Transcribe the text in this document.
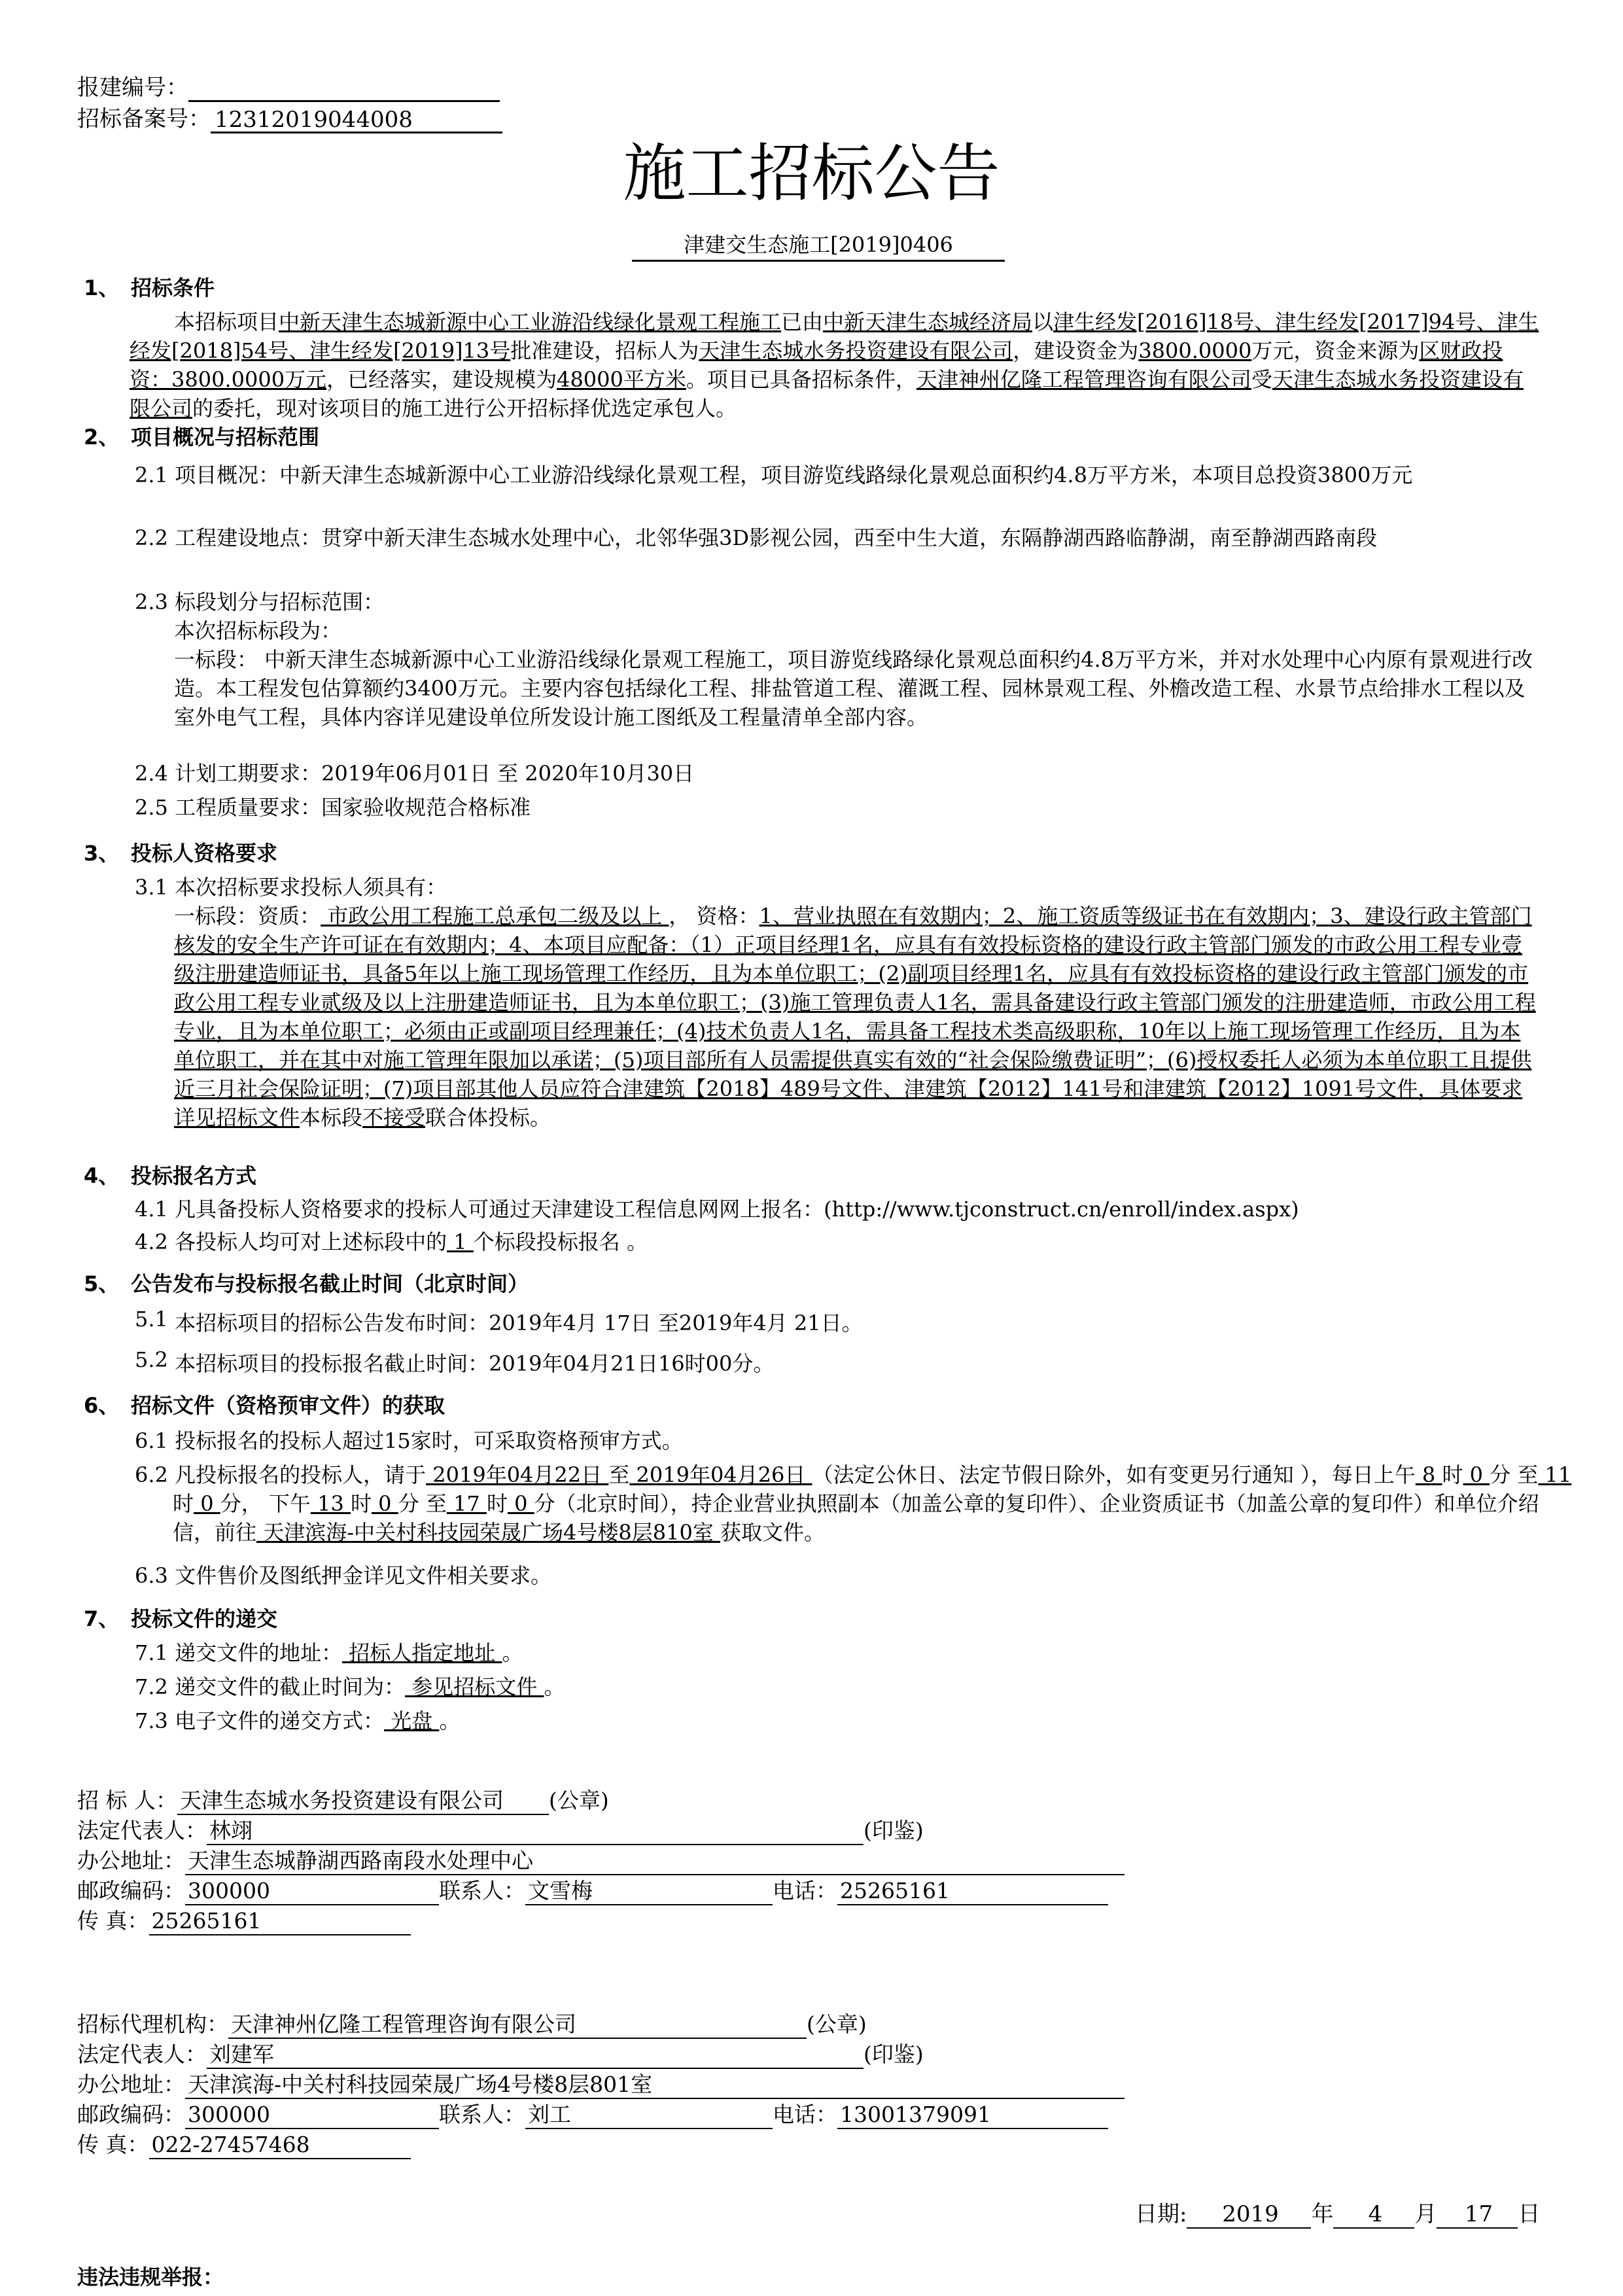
报建编号：
招标备案号： 12312019044008
施工招标公告
津建交生态施工[2019]0406
1、 招标条件
本招标项目中新天津生态城新源中心工业游沿线绿化景观工程施工已由中新天津生态城经济局以津生经发[2016]18号、津生经发[2017]94号、津生经发[2018]54号、津生经发[2019]13号批准建设，招标人为天津生态城水务投资建设有限公司，建设资金为3800.0000万元，资金来源为区财政投资：3800.0000万元，已经落实，建设规模为48000平方米。项目已具备招标条件，天津神州亿隆工程管理咨询有限公司受天津生态城水务投资建设有限公司的委托，现对该项目的施工进行公开招标择优选定承包人。
2、 项目概况与招标范围
2.1 项目概况：中新天津生态城新源中心工业游沿线绿化景观工程，项目游览线路绿化景观总面积约4.8万平方米，本项目总投资3800万元
2.2 工程建设地点：贯穿中新天津生态城水处理中心，北邻华强3D影视公园，西至中生大道，东隔静湖西路临静湖，南至静湖西路南段
2.3 标段划分与招标范围：
本次招标标段为：
一标段： 中新天津生态城新源中心工业游沿线绿化景观工程施工，项目游览线路绿化景观总面积约4.8万平方米，并对水处理中心内原有景观进行改造。本工程发包估算额约3400万元。主要内容包括绿化工程、排盐管道工程、灌溉工程、园林景观工程、外檐改造工程、水景节点给排水工程以及室外电气工程，具体内容详见建设单位所发设计施工图纸及工程量清单全部内容。
2.4 计划工期要求：2019年06月01日 至 2020年10月30日
2.5 工程质量要求：国家验收规范合格标准
3、 投标人资格要求
3.1 本次招标要求投标人须具有：
一标段：资质： 市政公用工程施工总承包二级及以上 ， 资格：1、营业执照在有效期内；2、施工资质等级证书在有效期内；3、建设行政主管部门核发的安全生产许可证在有效期内；4、本项目应配备：（1）正项目经理1名，应具有有效投标资格的建设行政主管部门颁发的市政公用工程专业壹级注册建造师证书，具备5年以上施工现场管理工作经历，且为本单位职工；(2)副项目经理1名，应具有有效投标资格的建设行政主管部门颁发的市政公用工程专业贰级及以上注册建造师证书，且为本单位职工；(3)施工管理负责人1名，需具备建设行政主管部门颁发的注册建造师，市政公用工程专业，且为本单位职工；必须由正或副项目经理兼任；(4)技术负责人1名，需具备工程技术类高级职称，10年以上施工现场管理工作经历，且为本单位职工，并在其中对施工管理年限加以承诺；(5)项目部所有人员需提供真实有效的“社会保险缴费证明”；(6)授权委托人必须为本单位职工且提供近三月社会保险证明；(7)项目部其他人员应符合津建筑【2018】489号文件、津建筑【2012】141号和津建筑【2012】1091号文件，具体要求详见招标文件本标段不接受联合体投标。
4、 投标报名方式
4.1 凡具备投标人资格要求的投标人可通过天津建设工程信息网网上报名：(http://www.tjconstruct.cn/enroll/index.aspx)
4.2 各投标人均可对上述标段中的 1 个标段投标报名 。
5、 公告发布与投标报名截止时间（北京时间）
5.1 本招标项目的招标公告发布时间：2019年4月 17日 至2019年4月 21日。
5.2 本招标项目的投标报名截止时间：2019年04月21日16时00分。
6、 招标文件（资格预审文件）的获取
6.1 投标报名的投标人超过15家时，可采取资格预审方式。
6.2 凡投标报名的投标人，请于 2019年04月22日 至 2019年04月26日 （法定公休日、法定节假日除外，如有变更另行通知 ），每日上午 8 时 0 分 至 11 时 0 分， 下午 13 时 0 分 至 17 时 0 分（北京时间），持企业营业执照副本（加盖公章的复印件）、企业资质证书（加盖公章的复印件）和单位介绍信，前往 天津滨海-中关村科技园荣晟广场4号楼8层810室 获取文件。
6.3 文件售价及图纸押金详见文件相关要求。
7、 投标文件的递交
7.1 递交文件的地址： 招标人指定地址 。
7.2 递交文件的截止时间为： 参见招标文件 。
7.3 电子文件的递交方式： 光盘 。
招 标 人： 天津生态城水务投资建设有限公司 (公章)
法定代表人： 林翊	(印鉴)
办公地址： 天津生态城静湖西路南段水处理中心
邮政编码： 300000	联系人： 文雪梅	电话： 25265161
传 真： 25265161
招标代理机构： 天津神州亿隆工程管理咨询有限公司	(公章)
法定代表人： 刘建军	(印鉴)
办公地址： 天津滨海-中关村科技园荣晟广场4号楼8层801室
邮政编码： 300000	联系人： 刘工	电话： 13001379091
传 真： 022-27457468
日期: 2019 年 4 月 17 日
违法违规举报：
